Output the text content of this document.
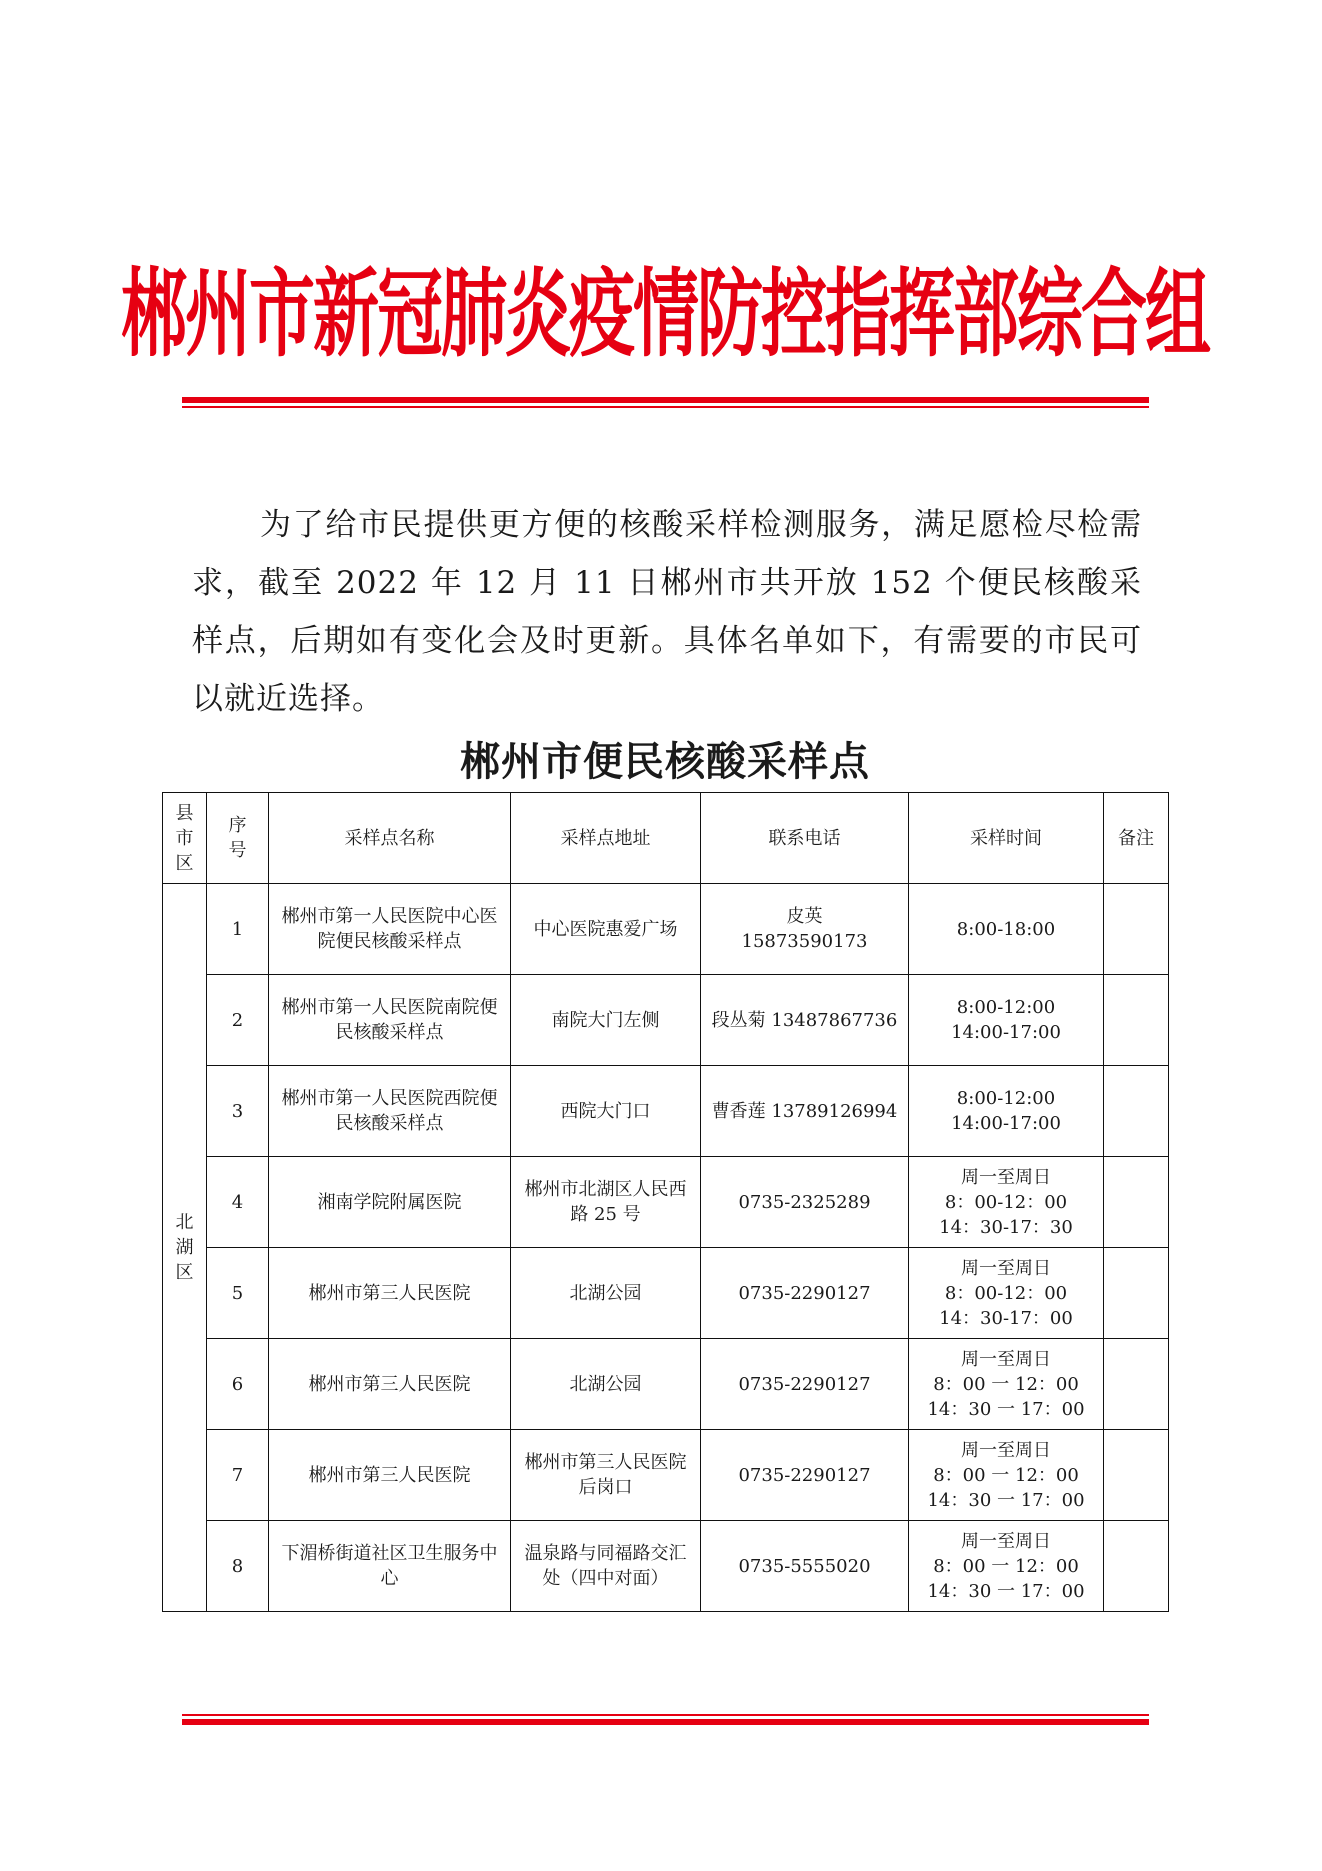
郴州市新冠肺炎疫情防控指挥部综合组
为了给市民提供更方便的核酸采样检测服务，满足愿检尽检需求，截至 2022 年 12 月 11 日郴州市共开放 152 个便民核酸采样点，后期如有变化会及时更新。具体名单如下，有需要的市民可以就近选择。
郴州市便民核酸采样点
县市区	序号	采样点名称	采样点地址	联系电话	采样时间	备注
北湖区	1	郴州市第一人民医院中心医院便民核酸采样点	中心医院惠爱广场	皮英
15873590173	8:00-18:00	
	2	郴州市第一人民医院南院便民核酸采样点	南院大门左侧	段丛菊 13487867736	8:00-12:00
14:00-17:00	
	3	郴州市第一人民医院西院便民核酸采样点	西院大门口	曹香莲 13789126994	8:00-12:00
14:00-17:00	
	4	湘南学院附属医院	郴州市北湖区人民西路 25 号	0735-2325289	周一至周日
8：00-12：00
14：30-17：30	
	5	郴州市第三人民医院	北湖公园	0735-2290127	周一至周日
8：00-12：00
14：30-17：00	
	6	郴州市第三人民医院	北湖公园	0735-2290127	周一至周日
8：00 一 12：00
14：30 一 17：00	
	7	郴州市第三人民医院	郴州市第三人民医院后岗口	0735-2290127	周一至周日
8：00 一 12：00
14：30 一 17：00	
	8	下湄桥街道社区卫生服务中心	温泉路与同福路交汇处（四中对面）	0735-5555020	周一至周日
8：00 一 12：00
14：30 一 17：00	
